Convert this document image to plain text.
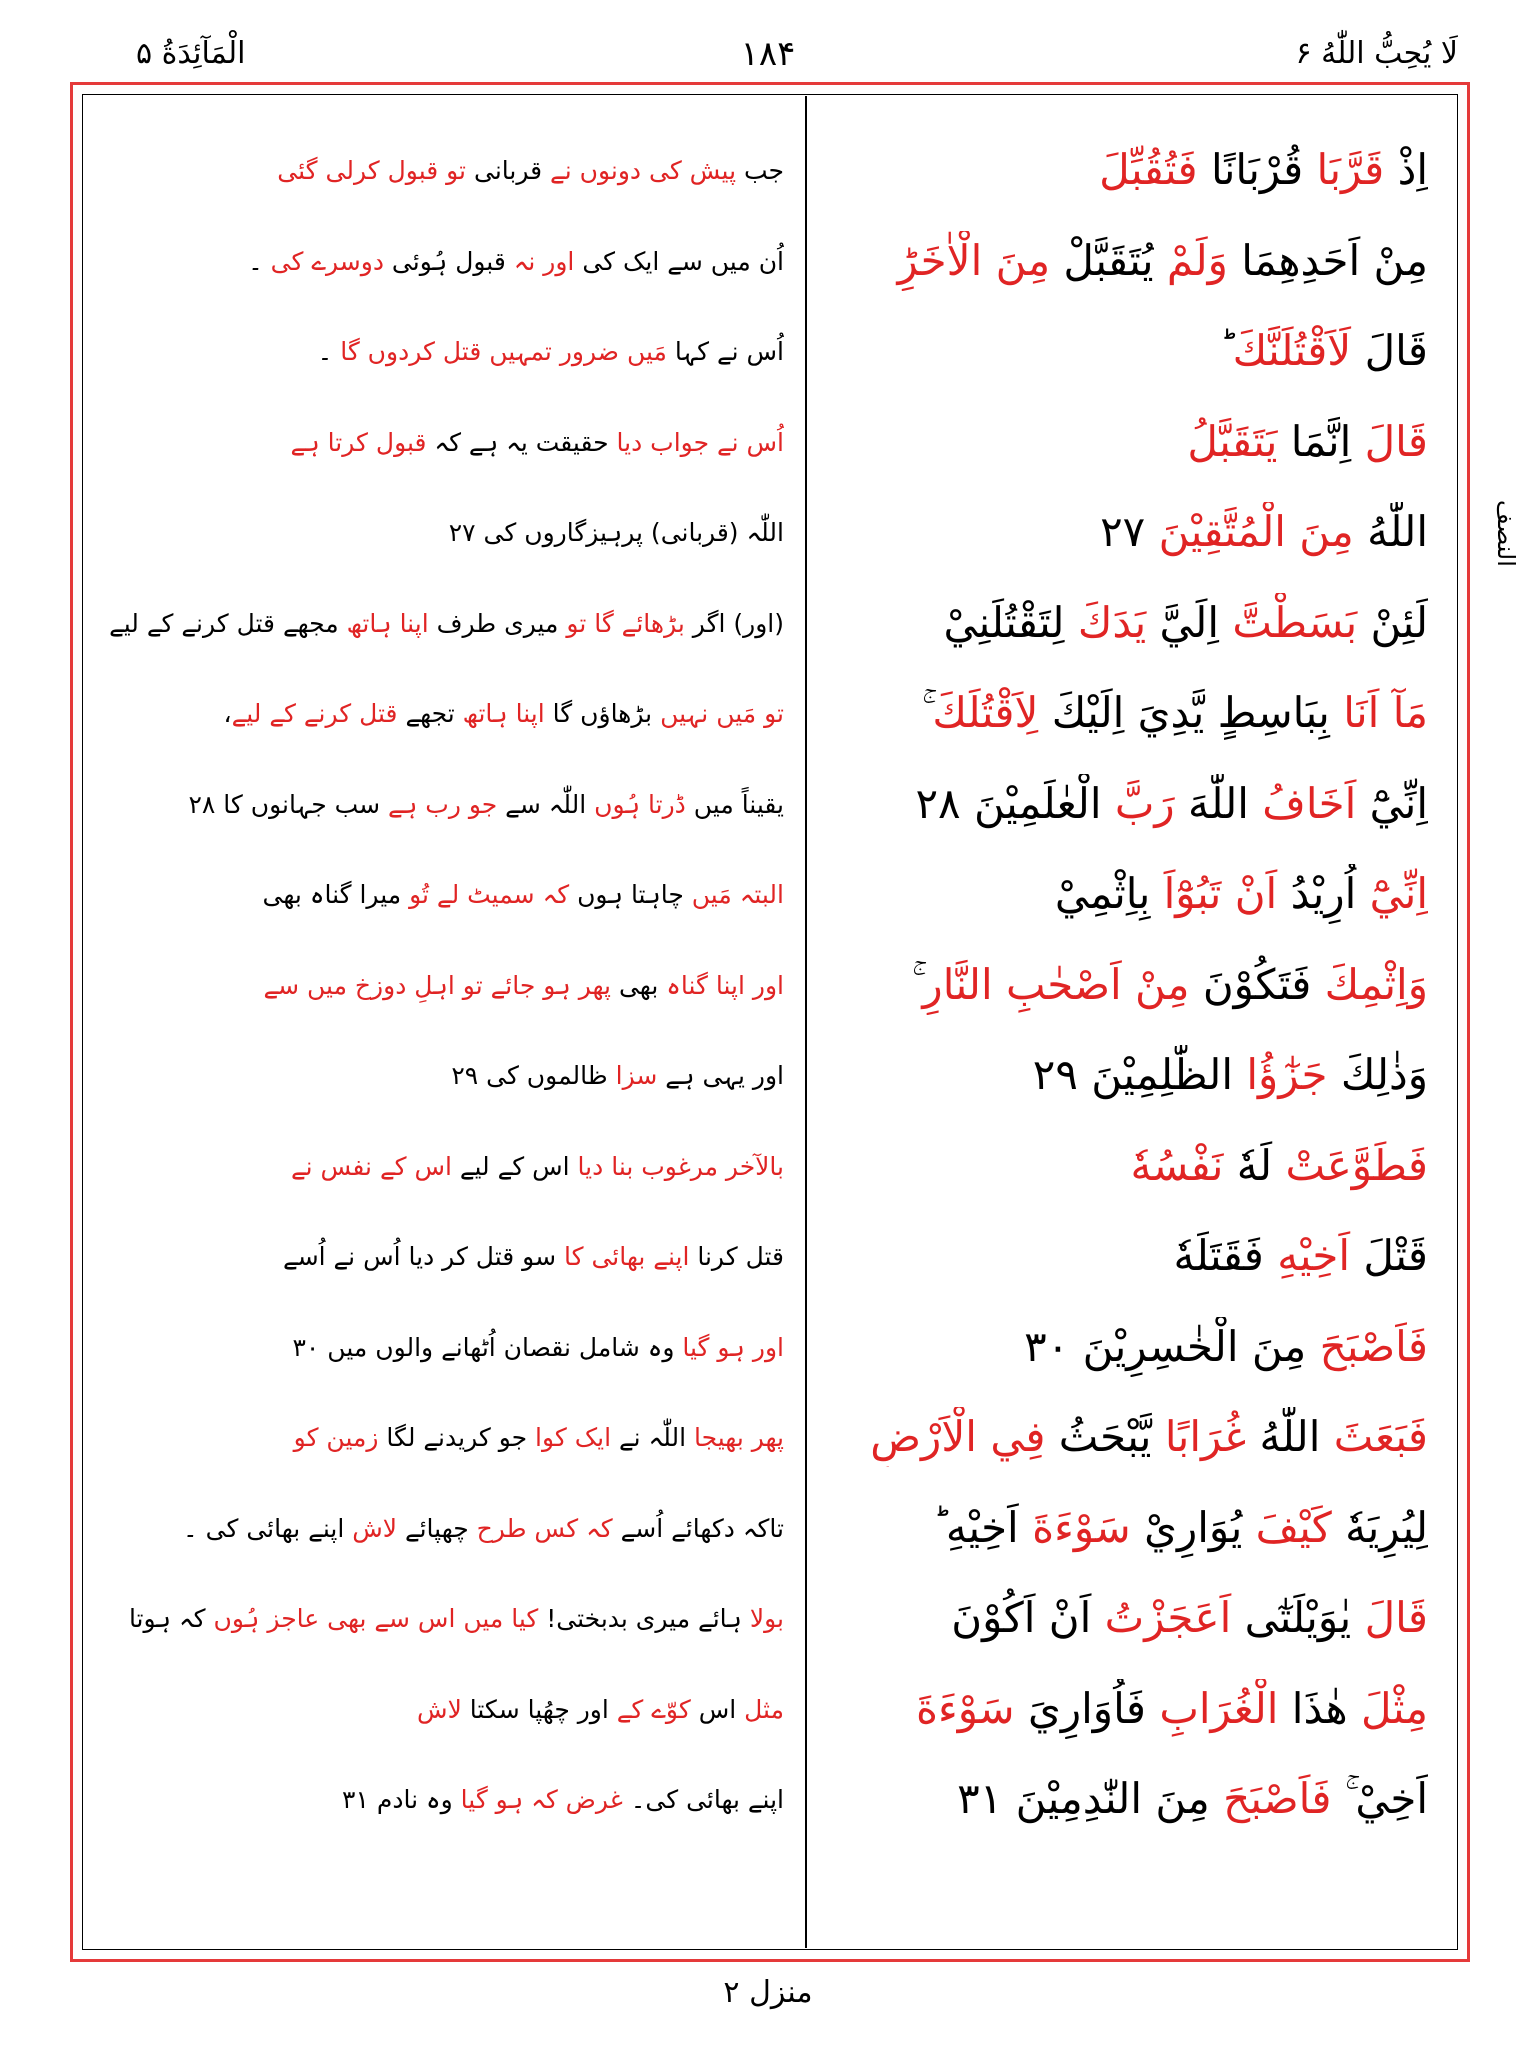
لَا يُحِبُّ اللّٰهُ ۶
۱۸۴
الْمَآئِدَةُ ۵
النصف
اِذْ قَرَّبَا قُرْبَانًا فَتُقُبِّلَ
جب پیش کی دونوں نے قربانی تو قبول کرلی گئی
مِنْ اَحَدِهِمَا وَلَمْ يُتَقَبَّلْ مِنَ الْاٰخَرِ
اُن میں سے ایک کی اور نہ قبول ہُوئی دوسرے کی ۔
قَالَ لَاَقْتُلَنَّكَ ؕ
اُس نے کہا مَیں ضرور تمہیں قتل کردوں گا ۔
قَالَ اِنَّمَا يَتَقَبَّلُ
اُس نے جواب دیا حقیقت یہ ہے کہ قبول کرتا ہے
اللّٰهُ مِنَ الْمُتَّقِيْنَ ۲۷
اللّٰہ (قربانی) پرہیزگاروں کی ۲۷
لَئِنْ بَسَطْتَّ اِلَيَّ يَدَكَ لِتَقْتُلَنِيْ
(اور) اگر بڑھائے گا تو میری طرف اپنا ہاتھ مجھے قتل کرنے کے لیے
مَآ اَنَا بِبَاسِطٍ يَّدِيَ اِلَيْكَ لِاَقْتُلَكَ ۚ
تو مَیں نہیں بڑھاؤں گا اپنا ہاتھ تجھے قتل کرنے کے لیے،
اِنِّيْٓ اَخَافُ اللّٰهَ رَبَّ الْعٰلَمِيْنَ ۲۸
یقیناً میں ڈرتا ہُوں اللّٰہ سے جو رب ہے سب جہانوں کا ۲۸
اِنِّيْٓ اُرِيْدُ اَنْ تَبُوْٓاَ بِاِثْمِيْ
البتہ مَیں چاہتا ہوں کہ سمیٹ لے تُو میرا گناہ بھی
وَاِثْمِكَ فَتَكُوْنَ مِنْ اَصْحٰبِ النَّارِ ۚ
اور اپنا گناہ بھی پھر ہو جائے تو اہلِ دوزخ میں سے
وَذٰلِكَ جَزٰٓؤُا الظّٰلِمِيْنَ ۲۹
اور یہی ہے سزا ظالموں کی ۲۹
فَطَوَّعَتْ لَهٗ نَفْسُهٗ
بالآخر مرغوب بنا دیا اس کے لیے اس کے نفس نے
قَتْلَ اَخِيْهِ فَقَتَلَهٗ
قتل کرنا اپنے بھائی کا سو قتل کر دیا اُس نے اُسے
فَاَصْبَحَ مِنَ الْخٰسِرِيْنَ ۳۰
اور ہو گیا وہ شامل نقصان اُٹھانے والوں میں ۳۰
فَبَعَثَ اللّٰهُ غُرَابًا يَّبْحَثُ فِي الْاَرْضِ
پھر بھیجا اللّٰہ نے ایک کوا جو کریدنے لگا زمین کو
لِيُرِيَهٗ كَيْفَ يُوَارِيْ سَوْءَةَ اَخِيْهِ ؕ
تاکہ دکھائے اُسے کہ کس طرح چھپائے لاش اپنے بھائی کی ۔
قَالَ يٰوَيْلَتٰٓى اَعَجَزْتُ اَنْ اَكُوْنَ
بولا ہائے میری بدبختی! کیا میں اس سے بھی عاجز ہُوں کہ ہوتا
مِثْلَ هٰذَا الْغُرَابِ فَاُوَارِيَ سَوْءَةَ
مثل اس کوّے کے اور چھُپا سکتا لاش
اَخِيْ ۚ فَاَصْبَحَ مِنَ النّٰدِمِيْنَ ۳۱
اپنے بھائی کی۔ غرض کہ ہو گیا وہ نادم ۳۱
منزل ۲
